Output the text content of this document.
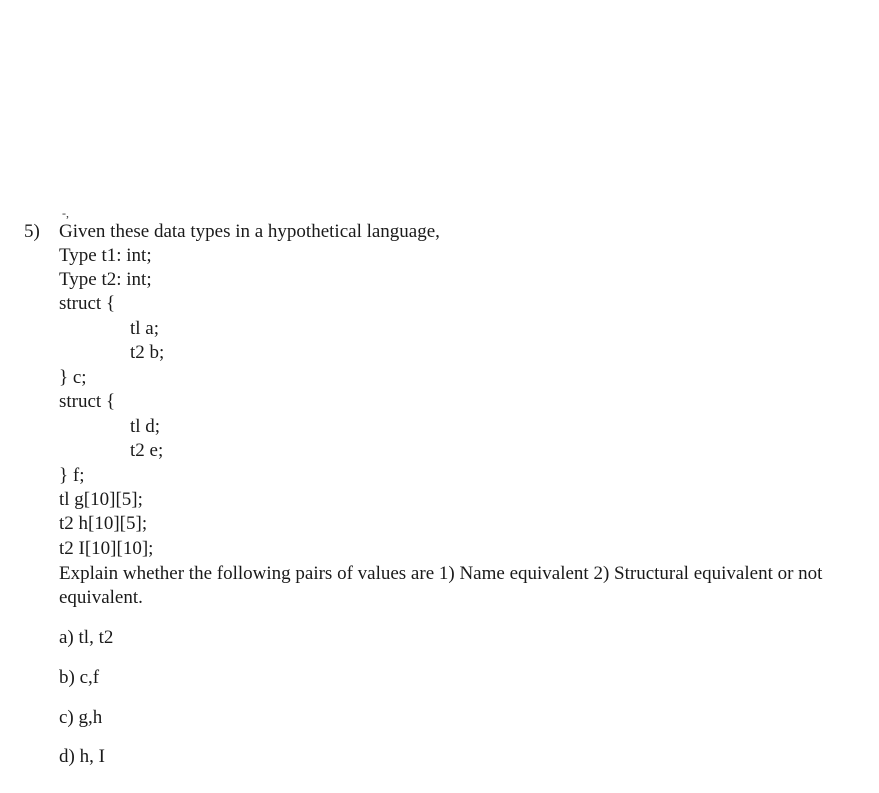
-,
5) Given these data types in a hypothetical language,
Type t1: int;
Type t2: int;
struct {
tl a;
t2 b;
} c;
struct {
tl d;
t2 e;
} f;
tl g[10][5];
t2 h[10][5];
t2 I[10][10];
Explain whether the following pairs of values are 1) Name equivalent 2) Structural equivalent or not
equivalent.
a) tl, t2
b) c,f
c) g,h
d) h, I
